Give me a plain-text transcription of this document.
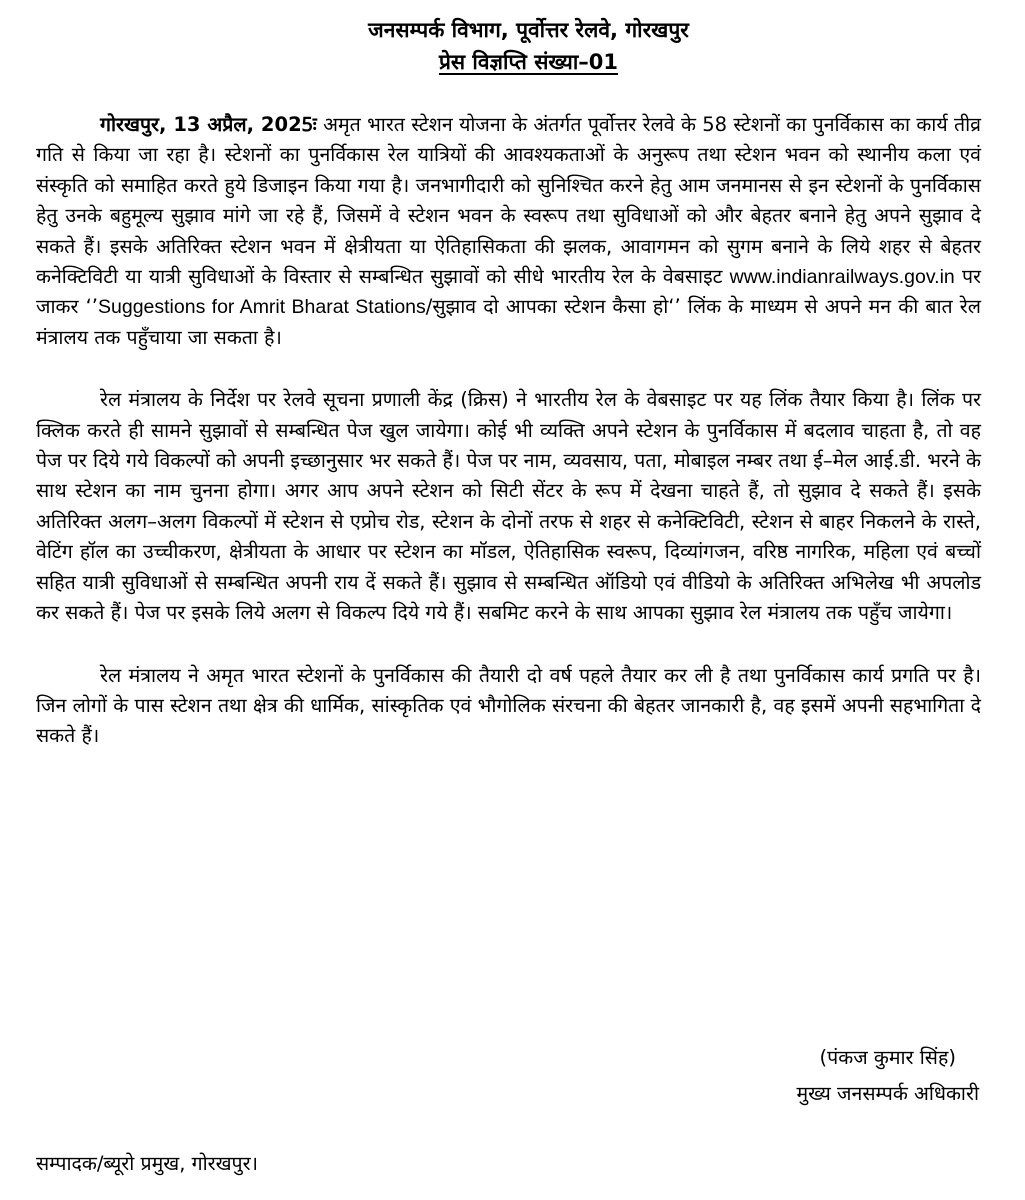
जनसम्पर्क विभाग, पूर्वोत्तर रेलवे, गोरखपुर
प्रेस विज्ञप्ति संख्या–01

गोरखपुर, 13 अप्रैल, 2025ः अमृत भारत स्टेशन योजना के अंतर्गत पूर्वोत्तर रेलवे के 58 स्टेशनों का पुनर्विकास का कार्य तीव्र गति से किया जा रहा है। स्टेशनों का पुनर्विकास रेल यात्रियों की आवश्यकताओं के अनुरूप तथा स्टेशन भवन को स्थानीय कला एवं संस्कृति को समाहित करते हुये डिजाइन किया गया है। जनभागीदारी को सुनिश्चित करने हेतु आम जनमानस से इन स्टेशनों के पुनर्विकास हेतु उनके बहुमूल्य सुझाव मांगे जा रहे हैं, जिसमें वे स्टेशन भवन के स्वरूप तथा सुविधाओं को और बेहतर बनाने हेतु अपने सुझाव दे सकते हैं। इसके अतिरिक्त स्टेशन भवन में क्षेत्रीयता या ऐतिहासिकता की झलक, आवागमन को सुगम बनाने के लिये शहर से बेहतर कनेक्टिविटी या यात्री सुविधाओं के विस्तार से सम्बन्धित सुझावों को सीधे भारतीय रेल के वेबसाइट www.indianrailways.gov.in पर जाकर ‘’Suggestions for Amrit Bharat Stations/सुझाव दो आपका स्टेशन कैसा हो‘’ लिंक के माध्यम से अपने मन की बात रेल मंत्रालय तक पहुँचाया जा सकता है।

रेल मंत्रालय के निर्देश पर रेलवे सूचना प्रणाली केंद्र (क्रिस) ने भारतीय रेल के वेबसाइट पर यह लिंक तैयार किया है। लिंक पर क्लिक करते ही सामने सुझावों से सम्बन्धित पेज खुल जायेगा। कोई भी व्यक्ति अपने स्टेशन के पुनर्विकास में बदलाव चाहता है, तो वह पेज पर दिये गये विकल्पों को अपनी इच्छानुसार भर सकते हैं। पेज पर नाम, व्यवसाय, पता, मोबाइल नम्बर तथा ई–मेल आई.डी. भरने के साथ स्टेशन का नाम चुनना होगा। अगर आप अपने स्टेशन को सिटी सेंटर के रूप में देखना चाहते हैं, तो सुझाव दे सकते हैं। इसके अतिरिक्त अलग–अलग विकल्पों में स्टेशन से एप्रोच रोड, स्टेशन के दोनों तरफ से शहर से कनेक्टिविटी, स्टेशन से बाहर निकलने के रास्ते, वेटिंग हॉल का उच्चीकरण, क्षेत्रीयता के आधार पर स्टेशन का मॉडल, ऐतिहासिक स्वरूप, दिव्यांगजन, वरिष्ठ नागरिक, महिला एवं बच्चों सहित यात्री सुविधाओं से सम्बन्धित अपनी राय दें सकते हैं। सुझाव से सम्बन्धित ऑडियो एवं वीडियो के अतिरिक्त अभिलेख भी अपलोड कर सकते हैं। पेज पर इसके लिये अलग से विकल्प दिये गये हैं। सबमिट करने के साथ आपका सुझाव रेल मंत्रालय तक पहुँच जायेगा।

रेल मंत्रालय ने अमृत भारत स्टेशनों के पुनर्विकास की तैयारी दो वर्ष पहले तैयार कर ली है तथा पुनर्विकास कार्य प्रगति पर है। जिन लोगों के पास स्टेशन तथा क्षेत्र की धार्मिक, सांस्कृतिक एवं भौगोलिक संरचना की बेहतर जानकारी है, वह इसमें अपनी सहभागिता दे सकते हैं।

(पंकज कुमार सिंह)
मुख्य जनसम्पर्क अधिकारी
सम्पादक/ब्यूरो प्रमुख, गोरखपुर।
